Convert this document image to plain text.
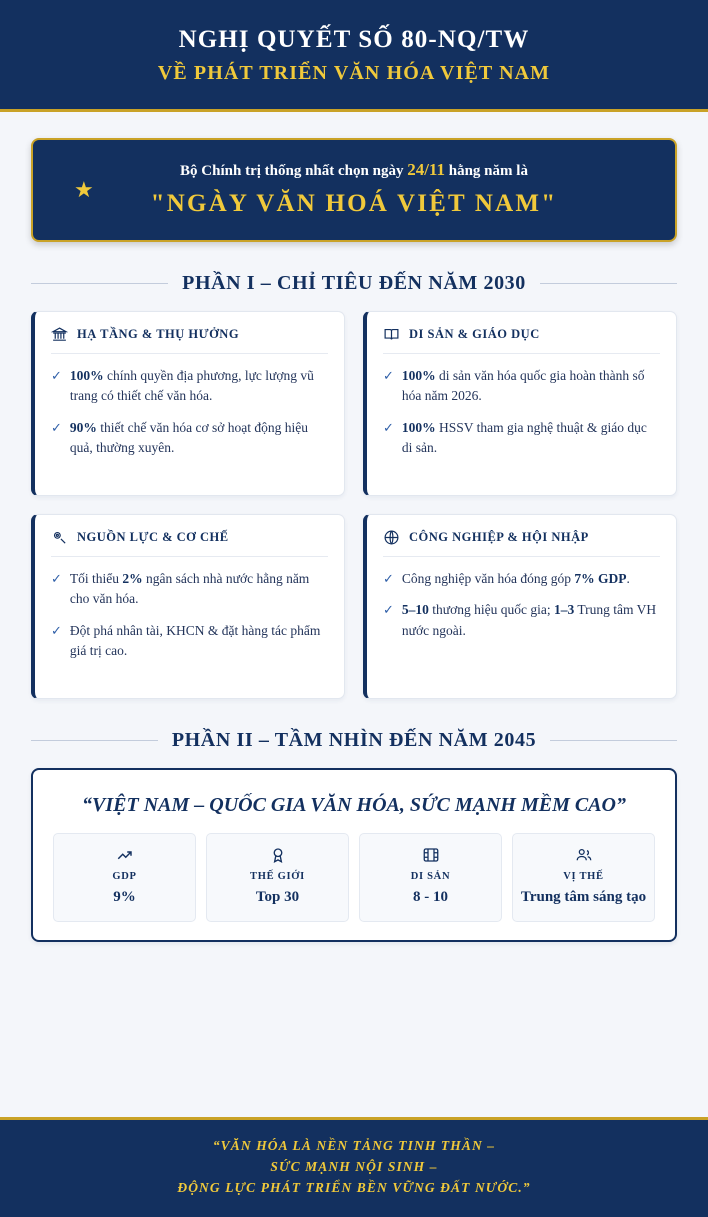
NGHỊ QUYẾT SỐ 80-NQ/TW
VỀ PHÁT TRIỂN VĂN HÓA VIỆT NAM
★
Bộ Chính trị thống nhất chọn ngày 24/11 hằng năm là
"NGÀY VĂN HOÁ VIỆT NAM"
PHẦN I – CHỈ TIÊU ĐẾN NĂM 2030
HẠ TẦNG & THỤ HƯỞNG
✓ 100% chính quyền địa phương, lực lượng vũ trang có thiết chế văn hóa.
✓ 90% thiết chế văn hóa cơ sở hoạt động hiệu quả, thường xuyên.
DI SẢN & GIÁO DỤC
✓ 100% di sản văn hóa quốc gia hoàn thành số hóa năm 2026.
✓ 100% HSSV tham gia nghệ thuật & giáo dục di sản.
NGUỒN LỰC & CƠ CHẾ
✓ Tối thiểu 2% ngân sách nhà nước hằng năm cho văn hóa.
✓ Đột phá nhân tài, KHCN & đặt hàng tác phẩm giá trị cao.
CÔNG NGHIỆP & HỘI NHẬP
✓ Công nghiệp văn hóa đóng góp 7% GDP.
✓ 5–10 thương hiệu quốc gia; 1–3 Trung tâm VH nước ngoài.
PHẦN II – TẦM NHÌN ĐẾN NĂM 2045
“VIỆT NAM – QUỐC GIA VĂN HÓA, SỨC MẠNH MỀM CAO”
GDP
9%
THẾ GIỚI
Top 30
DI SẢN
8 - 10
VỊ THẾ
Trung tâm sáng tạo
“VĂN HÓA LÀ NỀN TẢNG TINH THẦN –
SỨC MẠNH NỘI SINH –
ĐỘNG LỰC PHÁT TRIỂN BỀN VỮNG ĐẤT NƯỚC.”
